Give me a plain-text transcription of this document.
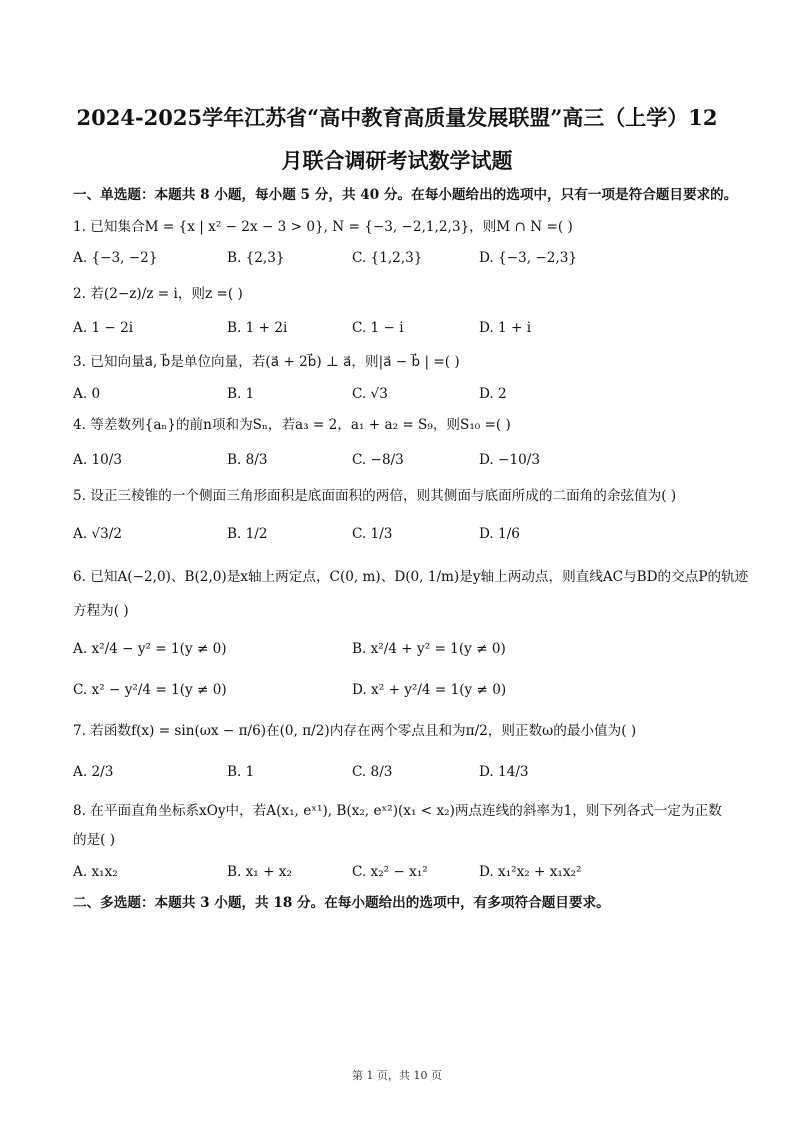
2024-2025学年江苏省“高中教育高质量发展联盟”高三（上学）12
月联合调研考试数学试题
一、单选题：本题共 8 小题，每小题 5 分，共 40 分。在每小题给出的选项中，只有一项是符合题目要求的。
1. 已知集合M = {x | x² − 2x − 3 > 0}, N = {−3, −2,1,2,3}，则M ∩ N =( )
A. {−3, −2}	B. {2,3}	C. {1,2,3}	D. {−3, −2,3}
2. 若(2−z)/z = i，则z =( )
A. 1 − 2i	B. 1 + 2i	C. 1 − i	D. 1 + i
3. 已知向量a⃗, b⃗是单位向量，若(a⃗ + 2b⃗) ⊥ a⃗，则|a⃗ − b⃗ | =( )
A. 0	B. 1	C. √3	D. 2
4. 等差数列{aₙ}的前n项和为Sₙ，若a₃ = 2，a₁ + a₂ = S₉，则S₁₀ =( )
A. 10/3	B. 8/3	C. −8/3	D. −10/3
5. 设正三棱锥的一个侧面三角形面积是底面面积的两倍，则其侧面与底面所成的二面角的余弦值为( )
A. √3/2	B. 1/2	C. 1/3	D. 1/6
6. 已知A(−2,0)、B(2,0)是x轴上两定点，C(0, m)、D(0, 1/m)是y轴上两动点，则直线AC与BD的交点P的轨迹
方程为( )
A. x²/4 − y² = 1(y ≠ 0)	B. x²/4 + y² = 1(y ≠ 0)
C. x² − y²/4 = 1(y ≠ 0)	D. x² + y²/4 = 1(y ≠ 0)
7. 若函数f(x) = sin(ωx − π/6)在(0, π/2)内存在两个零点且和为π/2，则正数ω的最小值为( )
A. 2/3	B. 1	C. 8/3	D. 14/3
8. 在平面直角坐标系xOy中，若A(x₁, eˣ¹), B(x₂, eˣ²)(x₁ < x₂)两点连线的斜率为1，则下列各式一定为正数
的是( )
A. x₁x₂	B. x₁ + x₂	C. x₂² − x₁²	D. x₁²x₂ + x₁x₂²
二、多选题：本题共 3 小题，共 18 分。在每小题给出的选项中，有多项符合题目要求。
第 1 页，共 10 页
